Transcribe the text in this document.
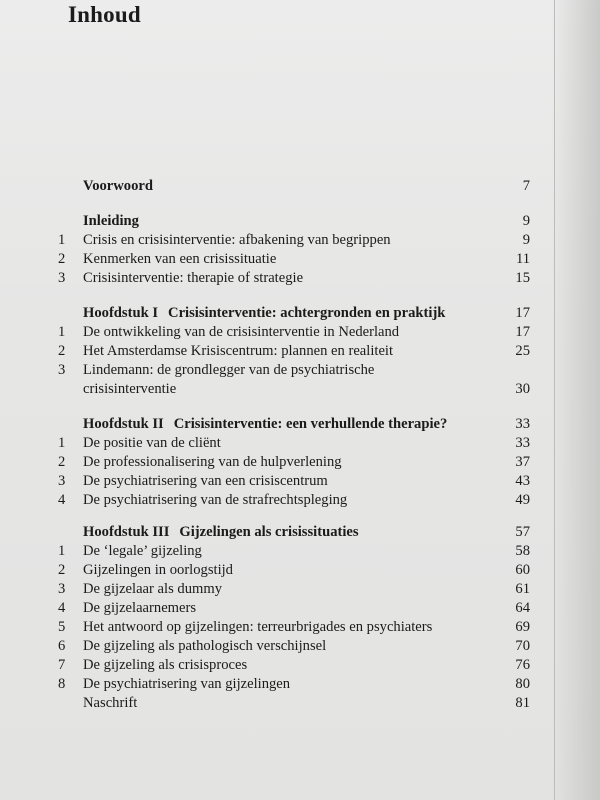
Inhoud
Voorwoord	7
Inleiding	9
1	Crisis en crisisinterventie: afbakening van begrippen	9
2	Kenmerken van een crisissituatie	11
3	Crisisinterventie: therapie of strategie	15
Hoofdstuk I Crisisinterventie: achtergronden en praktijk	17
1	De ontwikkeling van de crisisinterventie in Nederland	17
2	Het Amsterdamse Krisiscentrum: plannen en realiteit	25
3	Lindemann: de grondlegger van de psychiatrische
crisisinterventie	30
Hoofdstuk II Crisisinterventie: een verhullende therapie?	33
1	De positie van de cliënt	33
2	De professionalisering van de hulpverlening	37
3	De psychiatrisering van een crisiscentrum	43
4	De psychiatrisering van de strafrechtspleging	49
Hoofdstuk III Gijzelingen als crisissituaties	57
1	De ‘legale’ gijzeling	58
2	Gijzelingen in oorlogstijd	60
3	De gijzelaar als dummy	61
4	De gijzelaarnemers	64
5	Het antwoord op gijzelingen: terreurbrigades en psychiaters	69
6	De gijzeling als pathologisch verschijnsel	70
7	De gijzeling als crisisproces	76
8	De psychiatrisering van gijzelingen	80
Naschrift	81
